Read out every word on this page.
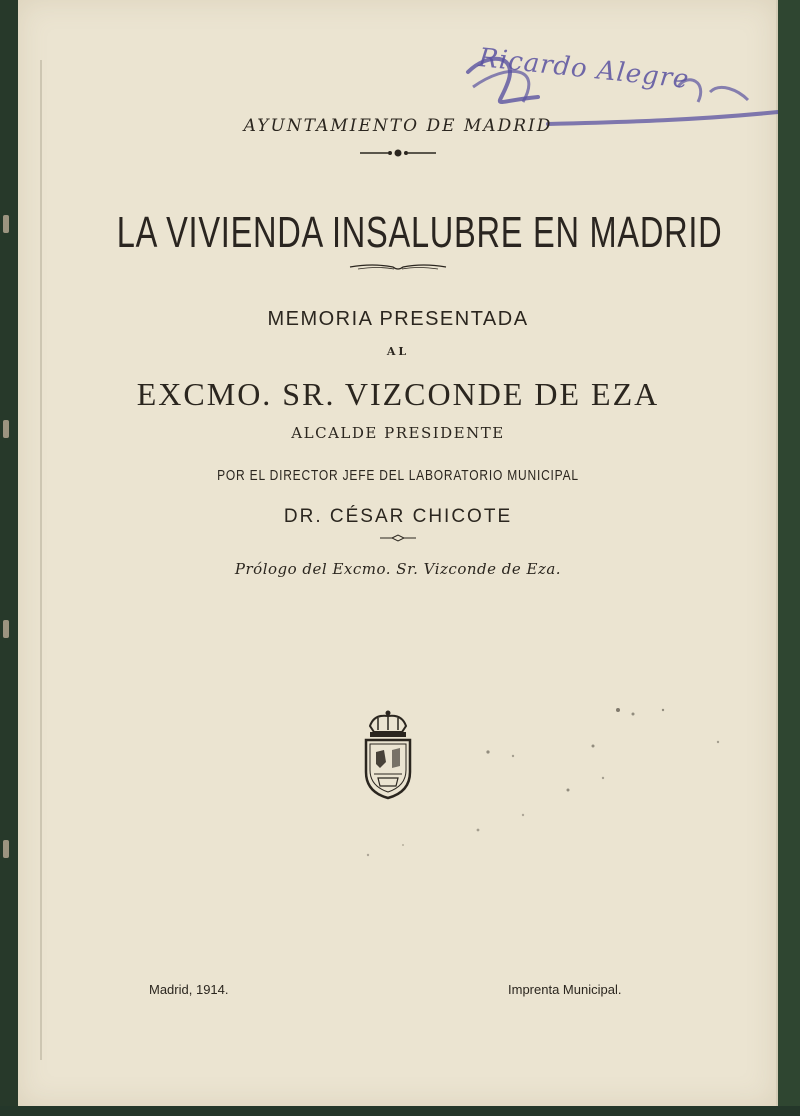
Ricardo Alegre
AYUNTAMIENTO DE MADRID
LA VIVIENDA INSALUBRE EN MADRID
MEMORIA PRESENTADA
AL
EXCMO. SR. VIZCONDE DE EZA
ALCALDE PRESIDENTE
POR EL DIRECTOR JEFE DEL LABORATORIO MUNICIPAL
DR. CÉSAR CHICOTE
Prólogo del Excmo. Sr. Vizconde de Eza.
Madrid, 1914.	Imprenta Municipal.
